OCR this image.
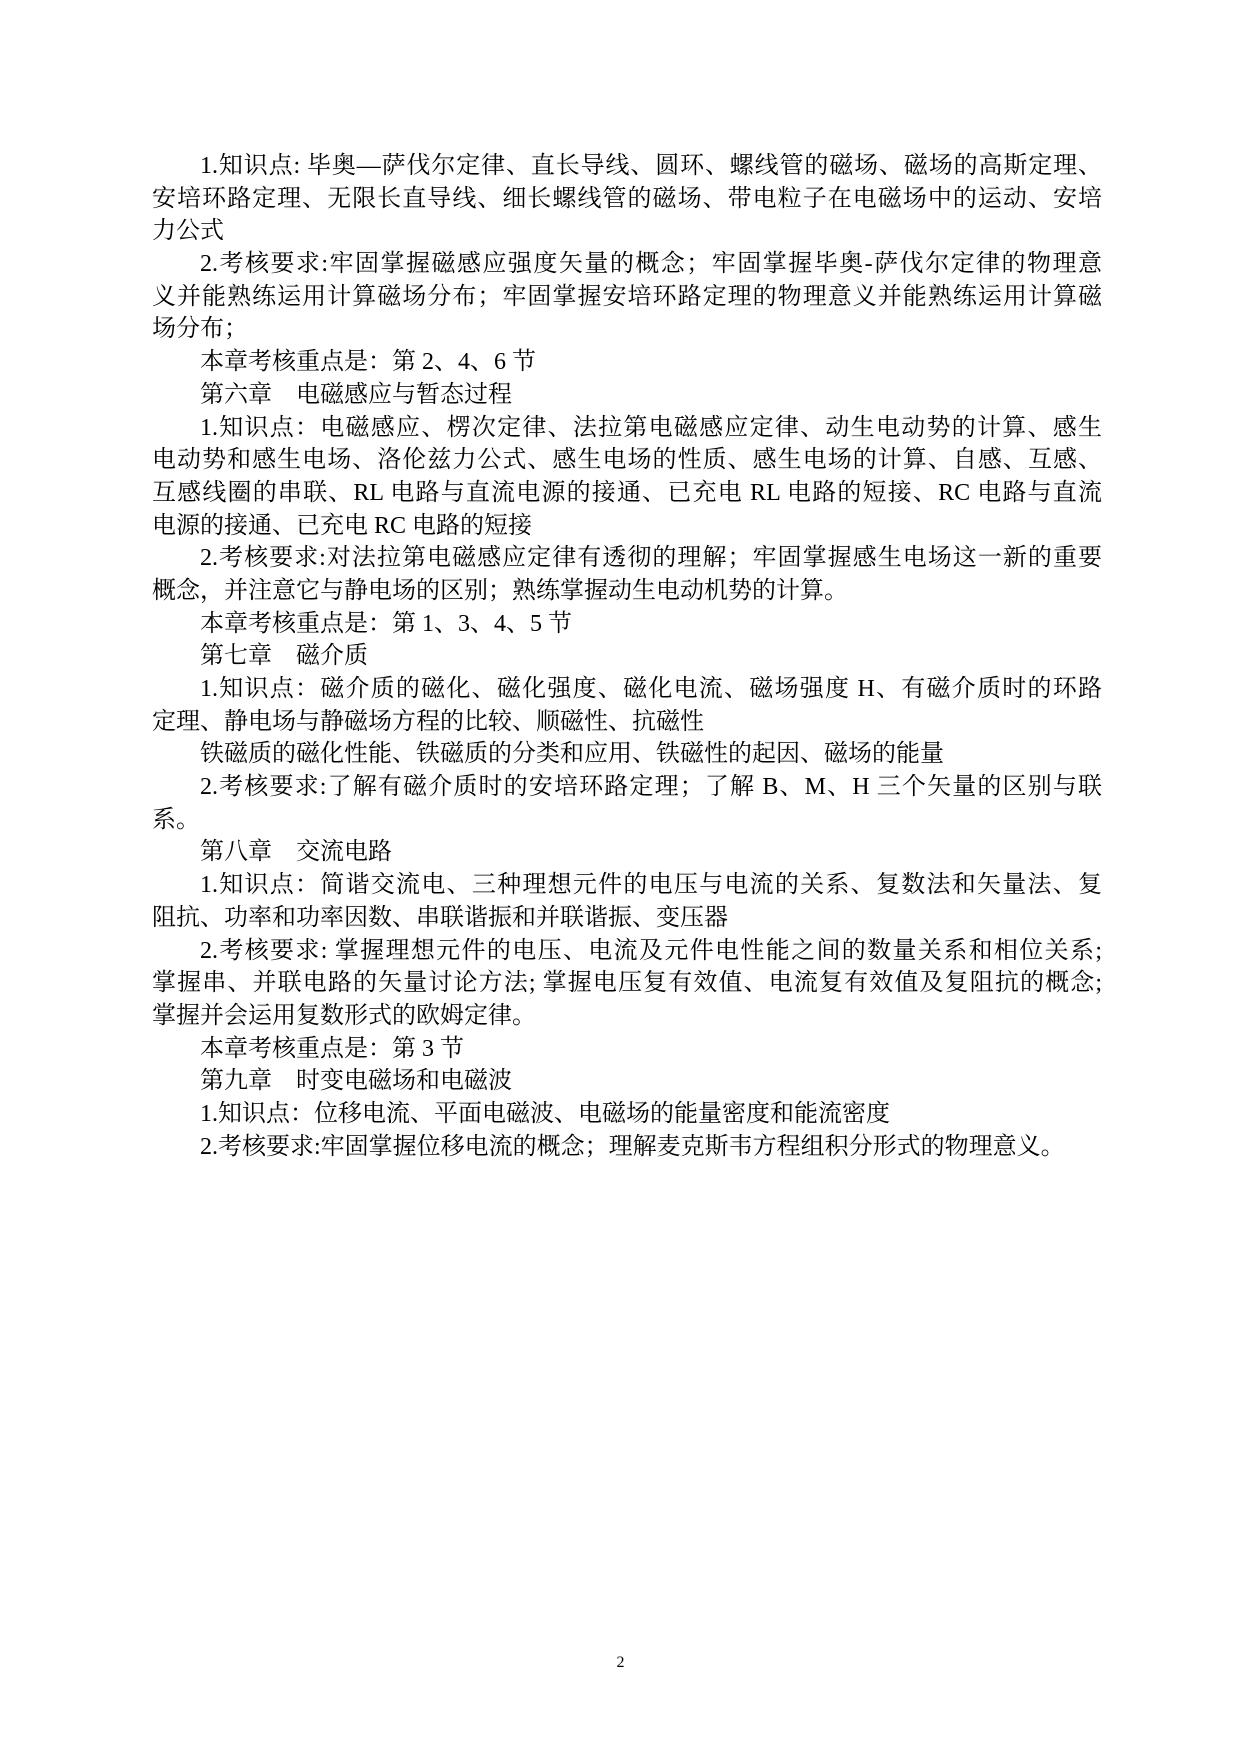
1.知识点: 毕奥—萨伐尔定律、直长导线、圆环、螺线管的磁场、磁场的高斯定理、
安培环路定理、无限长直导线、细长螺线管的磁场、带电粒子在电磁场中的运动、安培
力公式
2.考核要求:牢固掌握磁感应强度矢量的概念；牢固掌握毕奥-萨伐尔定律的物理意
义并能熟练运用计算磁场分布；牢固掌握安培环路定理的物理意义并能熟练运用计算磁
场分布；
本章考核重点是：第 2、4、6 节
第六章　电磁感应与暂态过程
1.知识点：电磁感应、楞次定律、法拉第电磁感应定律、动生电动势的计算、感生
电动势和感生电场、洛伦兹力公式、感生电场的性质、感生电场的计算、自感、互感、
互感线圈的串联、RL 电路与直流电源的接通、已充电 RL 电路的短接、RC 电路与直流
电源的接通、已充电 RC 电路的短接
2.考核要求:对法拉第电磁感应定律有透彻的理解；牢固掌握感生电场这一新的重要
概念，并注意它与静电场的区别；熟练掌握动生电动机势的计算。
本章考核重点是：第 1、3、4、5 节
第七章　磁介质
1.知识点：磁介质的磁化、磁化强度、磁化电流、磁场强度 H、有磁介质时的环路
定理、静电场与静磁场方程的比较、顺磁性、抗磁性
铁磁质的磁化性能、铁磁质的分类和应用、铁磁性的起因、磁场的能量
2.考核要求:了解有磁介质时的安培环路定理；了解 B、M、H 三个矢量的区别与联
系。
第八章　交流电路
1.知识点：简谐交流电、三种理想元件的电压与电流的关系、复数法和矢量法、复
阻抗、功率和功率因数、串联谐振和并联谐振、变压器
2.考核要求: 掌握理想元件的电压、电流及元件电性能之间的数量关系和相位关系;
掌握串、并联电路的矢量讨论方法; 掌握电压复有效值、电流复有效值及复阻抗的概念;
掌握并会运用复数形式的欧姆定律。
本章考核重点是：第 3 节
第九章　时变电磁场和电磁波
1.知识点：位移电流、平面电磁波、电磁场的能量密度和能流密度
2.考核要求:牢固掌握位移电流的概念；理解麦克斯韦方程组积分形式的物理意义。
2
